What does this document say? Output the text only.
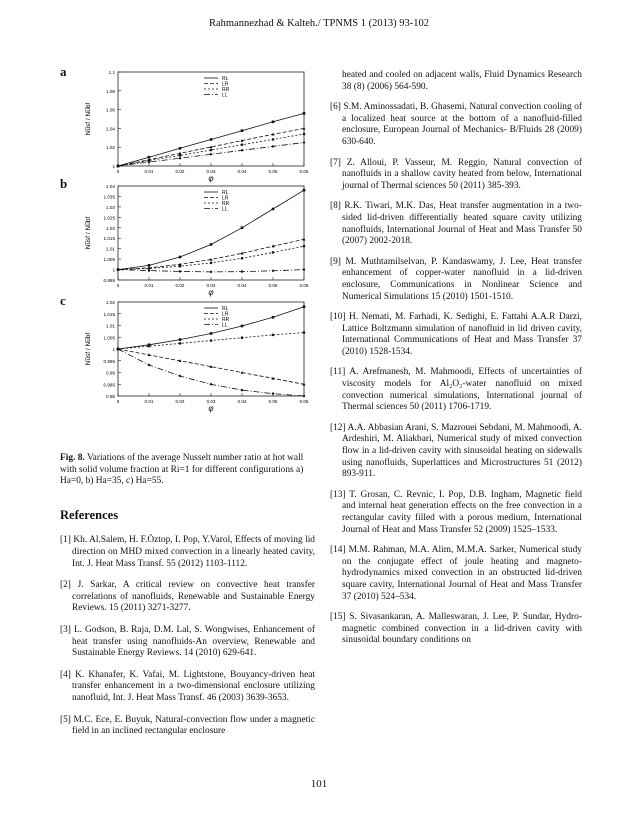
Rahmannezhad & Kalteh./ TPNMS 1 (2013) 93-102
a
1
1.02
1.04
1.06
1.08
1.1
0	0.01	0.02	0.03	0.04	0.05	0.06
φ
Nu̅sf / Nu̅bf
RL
LR
RR
LL
b
0.995
1
1.005
1.01
1.015
1.02
1.025
1.03
1.035
1.04
0	0.01	0.02	0.03	0.04	0.05	0.06
φ
Nu̅sf / Nu̅bf
RL
LR
RR
LL
c
0.98
0.985
0.99
0.995
1
1.005
1.01
1.015
1.02
0	0.01	0.02	0.03	0.04	0.05	0.06
φ
Nu̅sf / Nu̅bf
RL
LR
RR
LL
Fig. 8. Variations of the average Nusselt number ratio at hot wall with solid volume fraction at Ri=1 for different configurations a) Ha=0, b) Ha=35, c) Ha=55.
References

[1] Kh. Al.Salem, H. F.Öztop, I. Pop, Y.Varol, Effects of moving lid direction on MHD mixed convection in a linearly heated cavity, Int. J. Heat Mass Transf. 55 (2012) 1103-1112.

[2] J. Sarkar, A critical review on convective heat transfer correlations of nanofluids, Renewable and Sustainable Energy Reviews. 15 (2011) 3271-3277.

[3] L. Godson, B. Raja, D.M. Lal, S. Wongwises, Enhancement of heat transfer using nanofluids-An overview, Renewable and Sustainable Energy Reviews. 14 (2010) 629-641.

[4] K. Khanafer, K. Vafai, M. Lightstone, Bouyancy-driven heat transfer enhancement in a two-dimensional enclosure utilizing nanofluid, Int. J. Heat Mass Transf. 46 (2003) 3639-3653.

[5] M.C. Ece, E. Buyuk, Natural-convection flow under a magnetic field in an inclined rectangular enclosure

heated and cooled on adjacent walls, Fluid Dynamics Research 38 (8) (2006) 564-590.

[6] S.M. Aminossadati, B. Ghasemi, Natural convection cooling of a localized heat source at the bottom of a nanofluid-filled enclosure, European Journal of Mechanics- B/Fluids 28 (2009) 630-640.

[7] Z. Alloui, P. Vasseur, M. Reggio, Natural convection of nanofluids in a shallow cavity heated from below, International journal of Thermal sciences 50 (2011) 385-393.

[8] R.K. Tiwari, M.K. Das, Heat transfer augmentation in a two-sided lid-driven differentially heated square cavity utilizing nanofluids, International Journal of Heat and Mass Transfer 50 (2007) 2002-2018.

[9] M. Muthtamilselvan, P. Kandaswamy, J. Lee, Heat transfer enhancement of copper-water nanofluid in a lid-driven enclosure, Communications in Nonlinear Science and Numerical Simulations 15 (2010) 1501-1510.

[10] H. Nemati, M. Farhadi, K. Sedighi, E. Fattahi A.A.R Darzi, Lattice Boltzmann simulation of nanofluid in lid driven cavity, International Communications of Heat and Mass Transfer 37 (2010) 1528-1534.

[11] A. Arefmanesh, M. Mahmoodi, Effects of uncertainties of viscosity models for Al₂O₃-water nanofluid on mixed convection numerical simulations, International journal of Thermal sciences 50 (2011) 1706-1719.

[12] A.A. Abbasian Arani, S. Mazrouei Sebdani, M. Mahmoodi, A. Ardeshiri, M. Aliakbari, Numerical study of mixed convection flow in a lid-driven cavity with sinusoidal heating on sidewalls using nanofluids, Superlattices and Microstructures 51 (2012) 893-911.

[13] T. Grosan, C. Revnic, I. Pop, D.B. Ingham, Magnetic field and internal heat generation effects on the free convection in a rectangular cavity filled with a porous medium, International Journal of Heat and Mass Transfer 52 (2009) 1525–1533.

[14] M.M. Rahman, M.A. Alim, M.M.A. Sarker, Numerical study on the conjugate effect of joule heating and magneto-hydrodynamics mixed convection in an obstructed lid-driven square cavity, International Journal of Heat and Mass Transfer 37 (2010) 524–534.

[15] S. Sivasankaran, A. Malleswaran, J. Lee, P. Sundar, Hydro-magnetic combined convection in a lid-driven cavity with sinusoidal boundary conditions on

101
